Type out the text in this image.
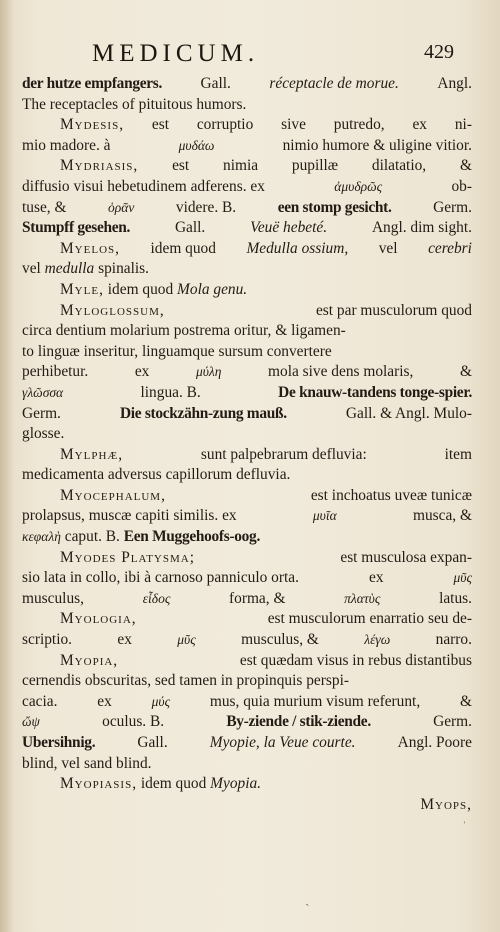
MEDICUM.	429
der hutze empfangers. Gall. réceptacle de morue. Angl.
The receptacles of pituitous humors.
Mydesis, est corruptio sive putredo, ex ni-
mio madore. à	μυδάω	nimio humore & uligine vitior.
Mydriasis, est nimia pupillæ dilatatio, &
diffusio visui hebetudinem adferens. ex	ἀμυδρῶς	ob-
tuse, &	ὁρᾶν	videre. B.	een stomp gesicht.	Germ.
Stumpff gesehen.	Gall.	Veuë hebeté.	Angl. dim sight.
Myelos, idem quod Medulla ossium, vel cerebri
vel medulla spinalis.
Myle, idem quod Mola genu.
Myloglossum,	est par musculorum quod
circa dentium molarium postrema oritur, & ligamen-
to linguæ inseritur, linguamque sursum convertere
perhibetur.	ex	μύλη	mola sive dens molaris,	&
γλῶσσα	lingua. B.	De knauw-tandens tonge-spier.
Germ.	Die stockzähn-zung mauß.	Gall. & Angl. Mulo-
glosse.
Mylphæ,	sunt palpebrarum defluvia:	item
medicamenta adversus capillorum defluvia.
Myocephalum,	est inchoatus uveæ tunicæ
prolapsus, muscæ capiti similis. ex	μυῖα	musca, &
κεφαλὴ caput. B. Een Muggehoofs-oog.
Myodes Platysma;	est musculosa expan-
sio lata in collo, ibi à carnoso panniculo orta.	ex	μῦς
musculus,	εἶδος	forma, &	πλατὺς	latus.
Myologia,	est musculorum enarratio seu de-
scriptio.	ex	μῦς	musculus, &	λέγω	narro.
Myopia,	est quædam visus in rebus distantibus
cernendis obscuritas, sed tamen in propinquis perspi-
cacia.	ex	μύς	mus, quia murium visum referunt,	&
ὤψ	oculus. B.	By-ziende / stik-ziende.	Germ.
Ubersihnig.	Gall.	Myopie, la Veue courte.	Angl. Poore
blind, vel sand blind.
Myopiasis, idem quod Myopia.
Myops,
ˈ
ˏ
